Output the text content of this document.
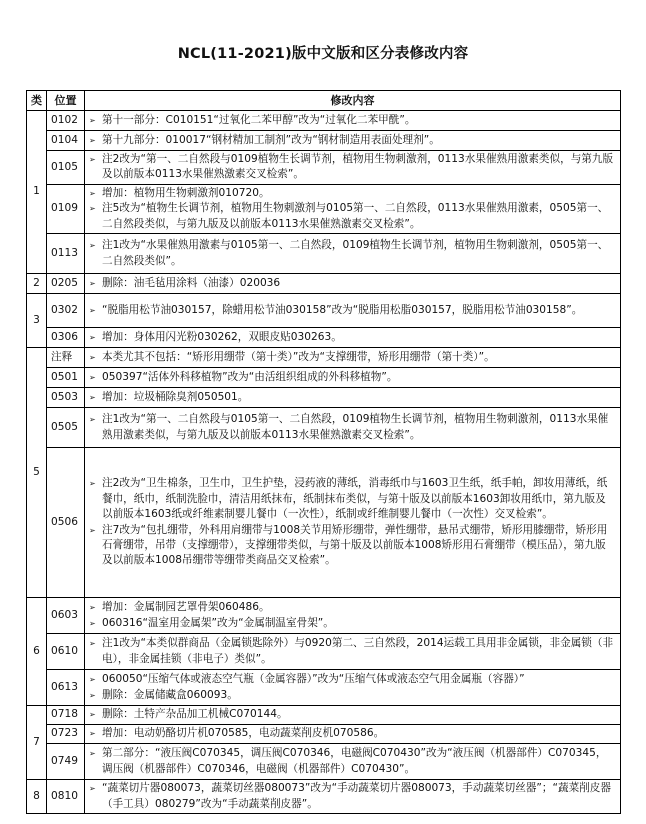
NCL(11-2021)版中文版和区分表修改内容
类	位置	修改内容
1	0102	➢ 第十一部分：C010151“过氧化二苯甲醇”改为“过氧化二苯甲酰”。

	0104	➢ 第十九部分：010017“钢材精加工制剂”改为“钢材制造用表面处理剂”。

	0105	➢ 注2改为“第一、二自然段与0109植物生长调节剂，植物用生物刺激剂，0113水果催熟用激素类似，与第九版及以前版本0113水果催熟激素交叉检索”。

	0109	➢ 增加：植物用生物刺激剂010720。
➢ 注5改为“植物生长调节剂，植物用生物刺激剂与0105第一、二自然段，0113水果催熟用激素，0505第一、二自然段类似，与第九版及以前版本0113水果催熟激素交叉检索”。

	0113	➢ 注1改为“水果催熟用激素与0105第一、二自然段，0109植物生长调节剂，植物用生物刺激剂，0505第一、二自然段类似”。

2	0205	➢ 删除：油毛毡用涂料（油漆）020036

3	0302	➢ “脱脂用松节油030157，除蜡用松节油030158”改为“脱脂用松脂030157，脱脂用松节油030158”。

	0306	➢ 增加：身体用闪光粉030262，双眼皮贴030263。

5	注释	➢ 本类尤其不包括：“矫形用绷带（第十类）”改为“支撑绷带，矫形用绷带（第十类）”。

	0501	➢ 050397“活体外科移植物”改为“由活组织组成的外科移植物”。

	0503	➢ 增加：垃圾桶除臭剂050501。

	0505	➢ 注1改为“第一、二自然段与0105第一、二自然段，0109植物生长调节剂，植物用生物刺激剂，0113水果催熟用激素类似，与第九版及以前版本0113水果催熟激素交叉检索”。

	0506	➢ 注2改为“卫生棉条，卫生巾，卫生护垫，浸药液的薄纸，消毒纸巾与1603卫生纸，纸手帕，卸妆用薄纸，纸餐巾，纸巾，纸制洗脸巾，清洁用纸抹布，纸制抹布类似，与第十版及以前版本1603卸妆用纸巾，第九版及以前版本1603纸或纤维素制婴儿餐巾（一次性），纸制或纤维制婴儿餐巾（一次性）交叉检索”。
➢ 注7改为“包扎绷带，外科用肩绷带与1008关节用矫形绷带，弹性绷带，悬吊式绷带，矫形用膝绷带，矫形用石膏绷带，吊带（支撑绷带），支撑绷带类似，与第十版及以前版本1008矫形用石膏绷带（模压品），第九版及以前版本1008吊绷带等绷带类商品交叉检索”。

6	0603	➢ 增加：金属制园艺罩骨架060486。
➢ 060316“温室用金属架”改为“金属制温室骨架”。

	0610	➢ 注1改为“本类似群商品（金属锁匙除外）与0920第二、三自然段，2014运载工具用非金属锁，非金属锁（非电），非金属挂锁（非电子）类似”。

	0613	➢ 060050“压缩气体或液态空气瓶（金属容器）”改为“压缩气体或液态空气用金属瓶（容器）”
➢ 删除：金属储藏盒060093。

7	0718	➢ 删除：土特产杂品加工机械C070144。

	0723	➢ 增加：电动奶酪切片机070585，电动蔬菜削皮机070586。

	0749	➢ 第二部分：“液压阀C070345，调压阀C070346，电磁阀C070430”改为“液压阀（机器部件）C070345，调压阀（机器部件）C070346，电磁阀（机器部件）C070430”。

8	0810	➢ “蔬菜切片器080073，蔬菜切丝器080073”改为“手动蔬菜切片器080073，手动蔬菜切丝器”；“蔬菜削皮器（手工具）080279”改为“手动蔬菜削皮器”。
